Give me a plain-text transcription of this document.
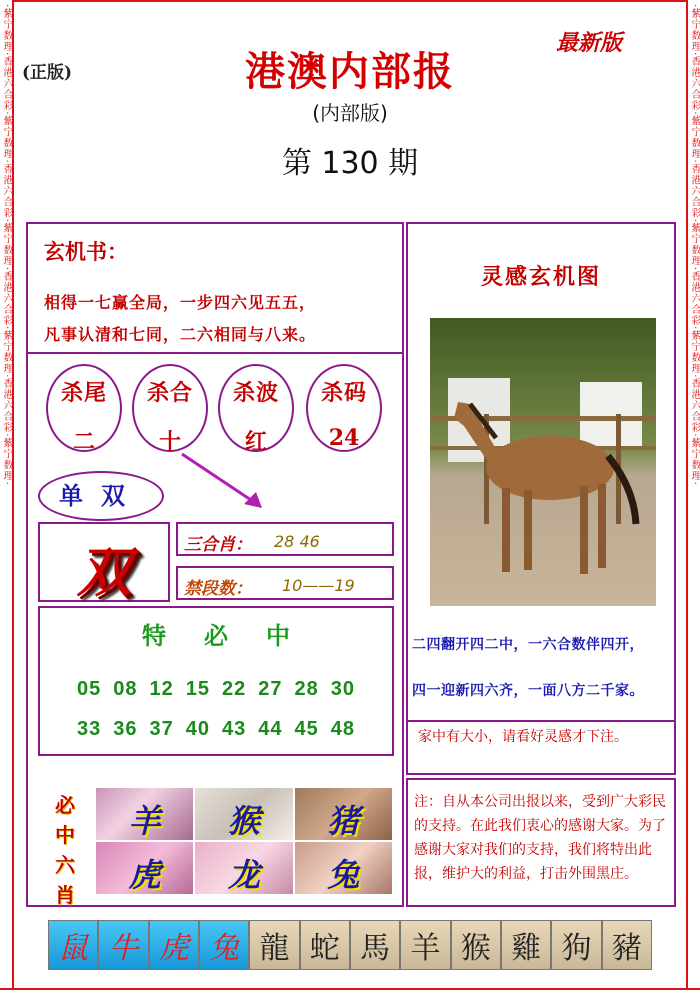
·紫宁数理·香港六合彩·紫宁数理·香港六合彩·紫宁数理·香港六合彩·紫宁数理·香港六合彩·紫宁数理·	·紫宁数理·香港六合彩·紫宁数理·香港六合彩·紫宁数理·香港六合彩·紫宁数理·香港六合彩·紫宁数理·
(正版)
最新版
港澳内部报
(内部版)
第 130 期
玄机书：
相得一七赢全局，一步四六见五五，
凡事认清和七同，二六相同与八来。
杀尾
二
杀合
十
杀波
红
杀码
24
单双
双	三合肖： 28 46
禁段数： 10——19
特必中
05 08 12 15 22 27 28 30
33 36 37 40 43 44 45 48
必中六肖
羊	猴	猪
虎	龙	兔
灵感玄机图
二四翻开四二中，一六合数伴四开，
四一迎新四六齐，一面八方二千家。
家中有大小，请看好灵感才下注。
注：自从本公司出报以来，受到广大彩民的支持。在此我们衷心的感谢大家。为了感谢大家对我们的支持，我们将特出此报，维护大的利益，打击外围黑庄。
鼠 牛 虎 兔 龍 蛇 馬 羊 猴 雞 狗 豬
